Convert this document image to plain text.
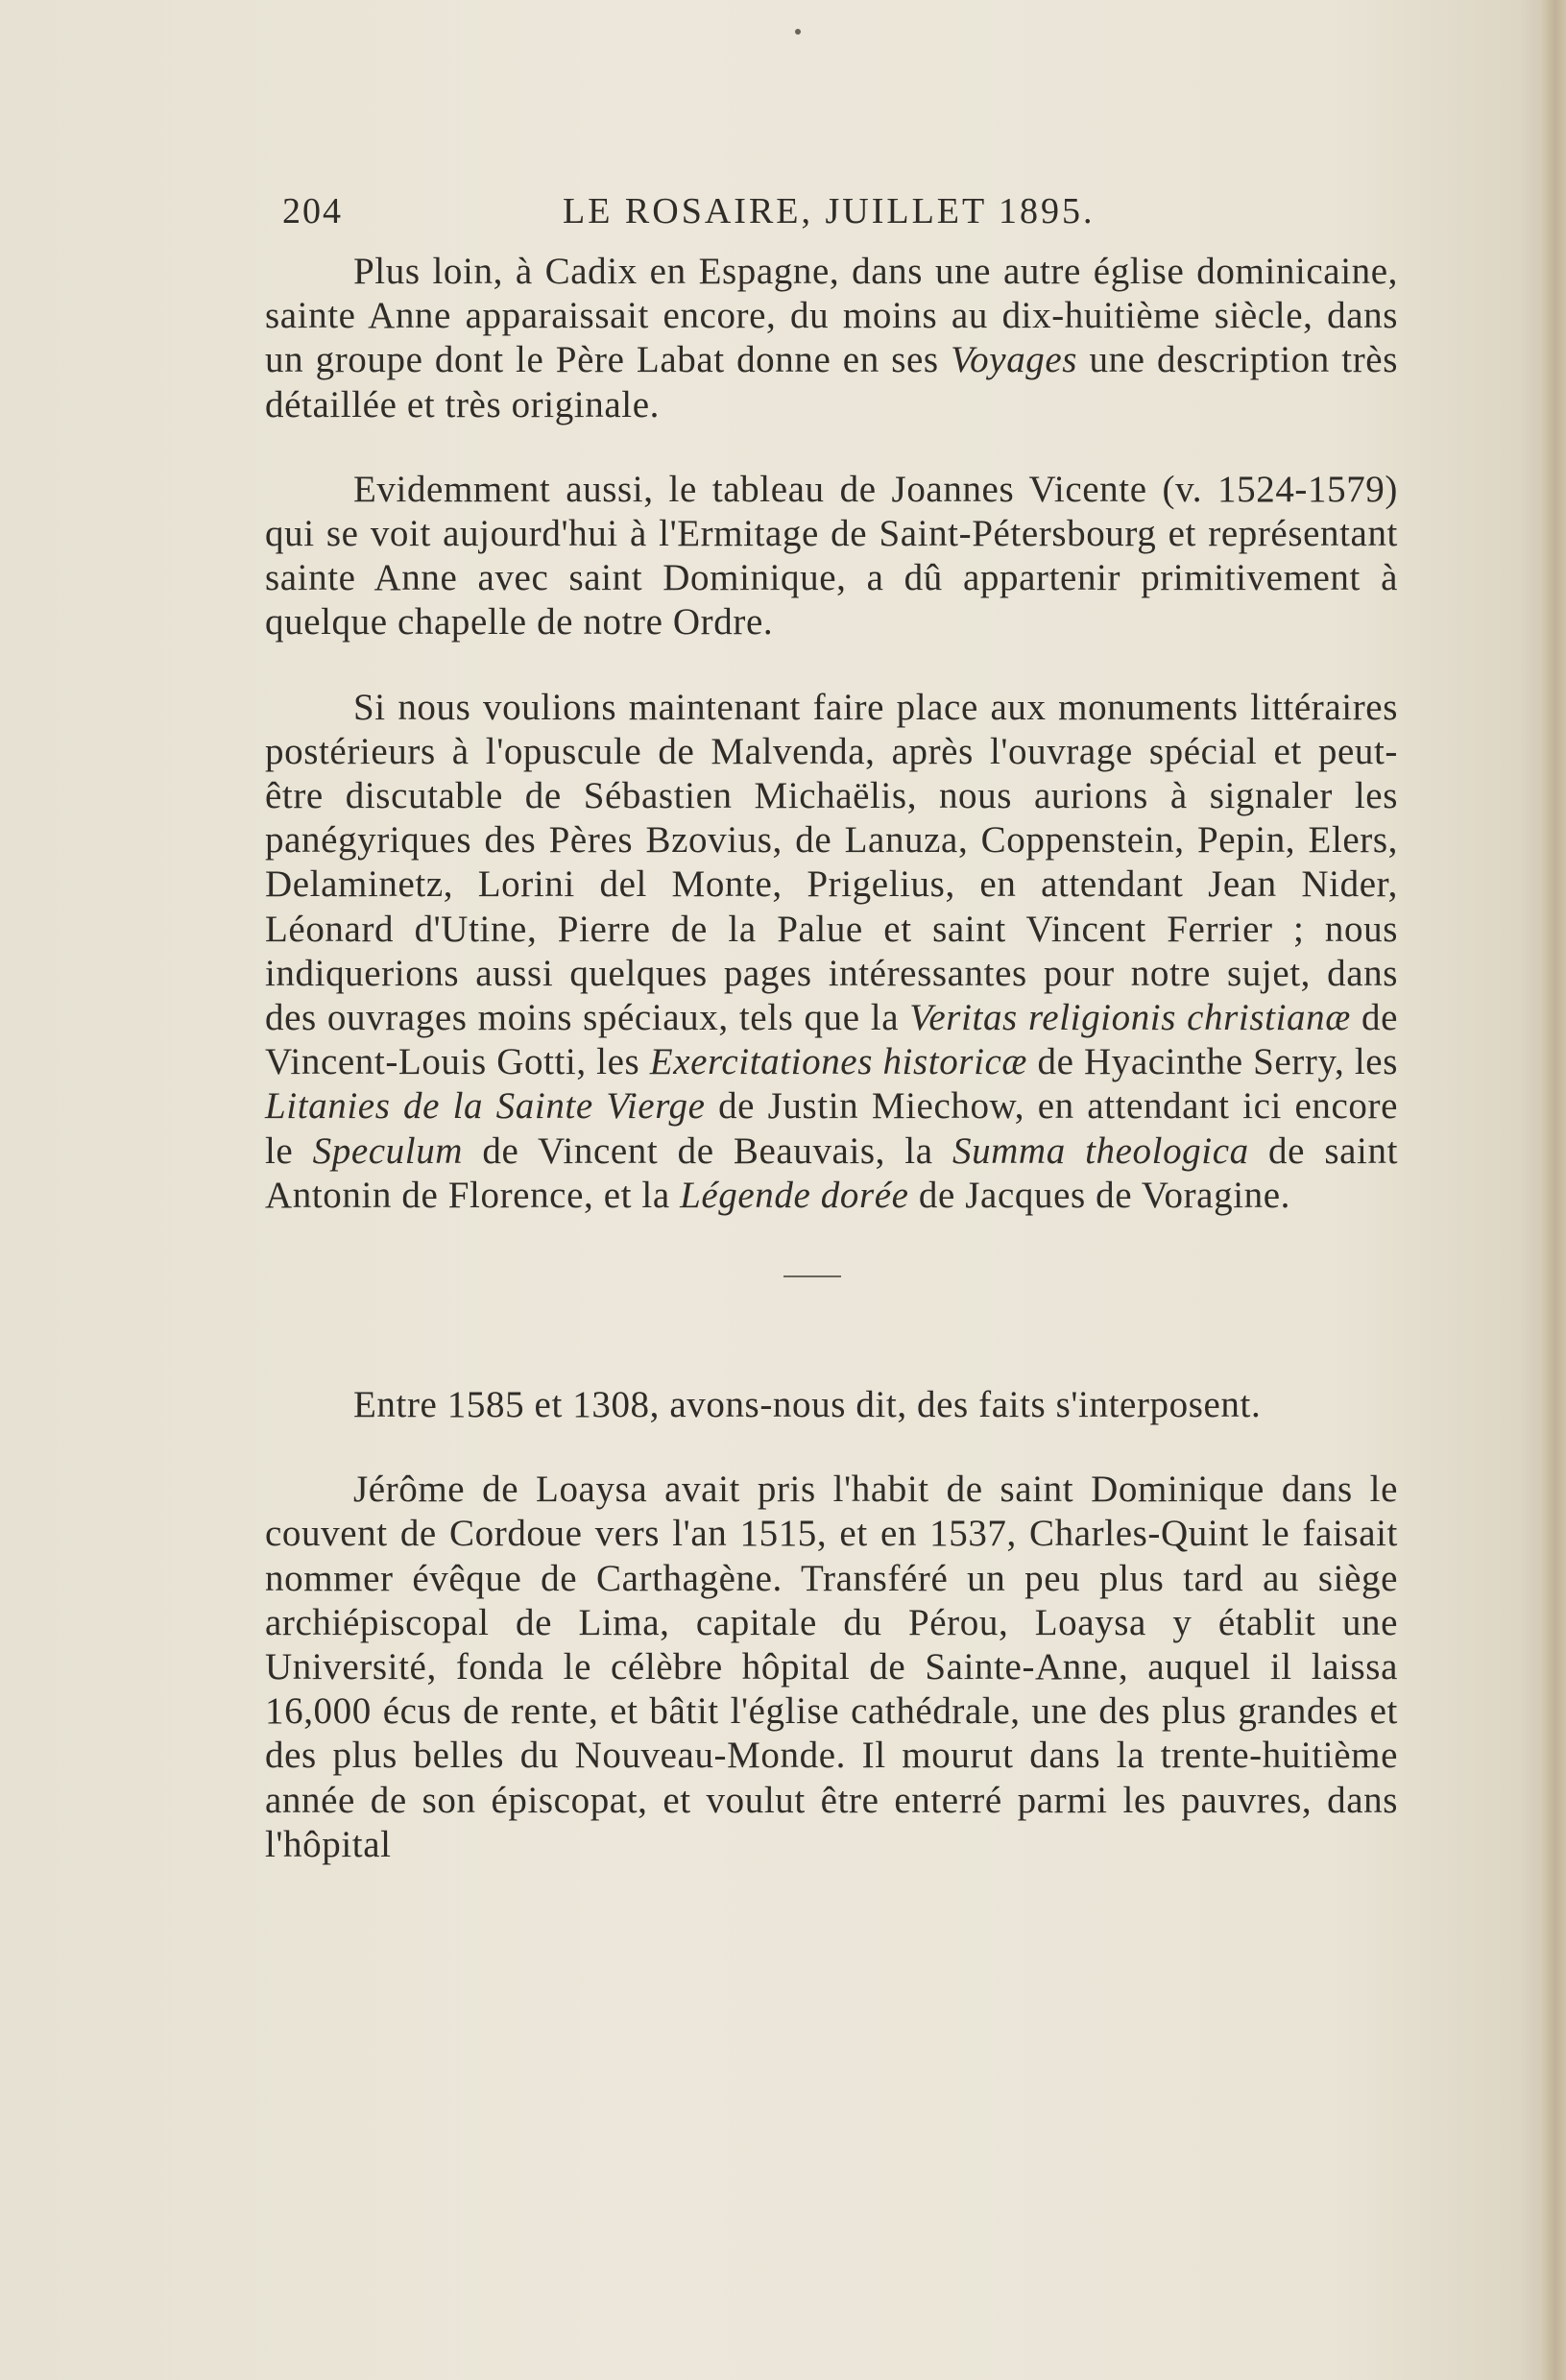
204	LE ROSAIRE, JUILLET 1895.

Plus loin, à Cadix en Espagne, dans une autre église dominicaine, sainte Anne apparaissait encore, du moins au dix-huitième siècle, dans un groupe dont le Père Labat donne en ses Voyages une description très détaillée et très originale.

Evidemment aussi, le tableau de Joannes Vicente (v. 1524-1579) qui se voit aujourd'hui à l'Ermitage de Saint-Pétersbourg et représentant sainte Anne avec saint Dominique, a dû appartenir primitivement à quelque chapelle de notre Ordre.

Si nous voulions maintenant faire place aux monuments littéraires postérieurs à l'opuscule de Malvenda, après l'ouvrage spécial et peut-être discutable de Sébastien Michaëlis, nous aurions à signaler les panégyriques des Pères Bzovius, de Lanuza, Coppenstein, Pepin, Elers, Delaminetz, Lorini del Monte, Prigelius, en attendant Jean Nider, Léonard d'Utine, Pierre de la Palue et saint Vincent Ferrier ; nous indiquerions aussi quelques pages intéressantes pour notre sujet, dans des ouvrages moins spéciaux, tels que la Veritas religionis christianæ de Vincent-Louis Gotti, les Exercitationes historicæ de Hyacinthe Serry, les Litanies de la Sainte Vierge de Justin Miechow, en attendant ici encore le Speculum de Vincent de Beauvais, la Summa theologica de saint Antonin de Florence, et la Légende dorée de Jacques de Voragine.

Entre 1585 et 1308, avons-nous dit, des faits s'interposent.

Jérôme de Loaysa avait pris l'habit de saint Dominique dans le couvent de Cordoue vers l'an 1515, et en 1537, Charles-Quint le faisait nommer évêque de Carthagène. Transféré un peu plus tard au siège archiépiscopal de Lima, capitale du Pérou, Loaysa y établit une Université, fonda le célèbre hôpital de Sainte-Anne, auquel il laissa 16,000 écus de rente, et bâtit l'église cathédrale, une des plus grandes et des plus belles du Nouveau-Monde. Il mourut dans la trente-huitième année de son épiscopat, et voulut être enterré parmi les pauvres, dans l'hôpital
